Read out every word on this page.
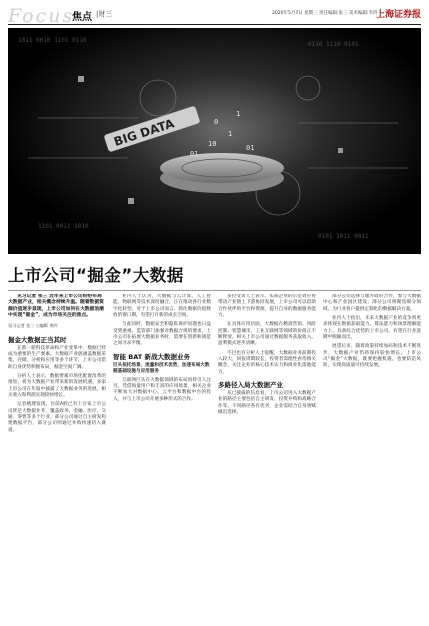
Focus
焦点 |财三	2020年5月7日 星期三 责任编辑:张三 美术编辑:李四
上海证券报
1011 0010 1101 0110
0110 1110 0101
1101 0011 1010
0101 1011 0011
BIG DATA
01
10
1
01
0
1
上市公司“掘金”大数据

见习记者 张三 近年来上市公司纷纷布局大数据产业，相关概念持续升温。随着数据资源价值逐步显现，上市公司如何在大数据浪潮中实现“掘金”，成为市场关注的焦点。

见习记者 张三 ○编辑 李四

掘金大数据正当其时

在新一轮科技革命和产业变革中，数据已经成为重要的生产要素。大数据产业链涵盖数据采集、存储、分析和应用等多个环节，上市公司借助自身优势积极布局，掘金空间广阔。

分析人士表示，数据要素市场化配置改革的推进，将为大数据产业带来新的发展机遇。多家上市公司在年报中披露了大数据业务的进展，相关收入和利润实现较快增长。

记者梳理发现，目前A股已有上百家上市公司涉足大数据业务，覆盖政务、金融、医疗、交通、零售等多个行业。部分公司通过自主研发构建数据平台，部分公司则通过并购快速切入赛道。

业内人士认为，大数据与云计算、人工智能、物联网等技术深度融合，正在推动各行业数字化转型。对于上市公司而言，抓住数据价值释放的窗口期，有望打开新的成长空间。

与此同时，数据安全和隐私保护问题也日益受到重视。监管部门加强对数据合规的要求，上市公司在拓展大数据业务时，需要在创新和规范之间寻求平衡。

智能 BAT 新战大数据业务

巨头依托场景、流量和技术优势，加速布局大数据基础设施与应用服务

互联网巨头在大数据领域的布局同样引人注目。凭借海量用户和丰富的应用场景，相关企业不断加大对数据中心、云平台和数据中台的投入，并与上市公司开展多种形式的合作。

多位受访人士表示，头部企业的示范效应将带动产业链上下游协同发展，上市公司可以借助合作伙伴的平台和资源，提升自身的数据服务能力。

在具体应用层面，大数据在精准营销、风险控制、智慧城市、工业互联网等领域的价值正不断释放。相关上市公司通过数据服务获取收入，盈利模式逐步清晰。

不过也有分析人士提醒，大数据业务前期投入较大，回报周期较长，投资者需理性看待相关概念，关注企业的核心技术实力和商业化落地能力。

多路径入局大数据产业

从已披露的信息看，上市公司进入大数据产业的路径主要包括自主研发、投资并购和战略合作等。不同路径各有优劣，企业需结合自身禀赋做出选择。

部分公司选择与地方政府合作，参与大数据中心和产业园区建设；部分公司则聚焦细分领域，为行业客户提供定制化的数据解决方案。

业内人士指出，未来大数据产业的竞争将更多体现在数据获取能力、算法能力和场景理解能力上。具备综合优势的上市公司，有望在行业洗牌中脱颖而出。

展望后市，随着政策持续加码和技术不断进步，大数据产业仍将保持较快增长。上市公司“掘金”大数据，既要把握机遇，也要防范风险，实现高质量可持续发展。
